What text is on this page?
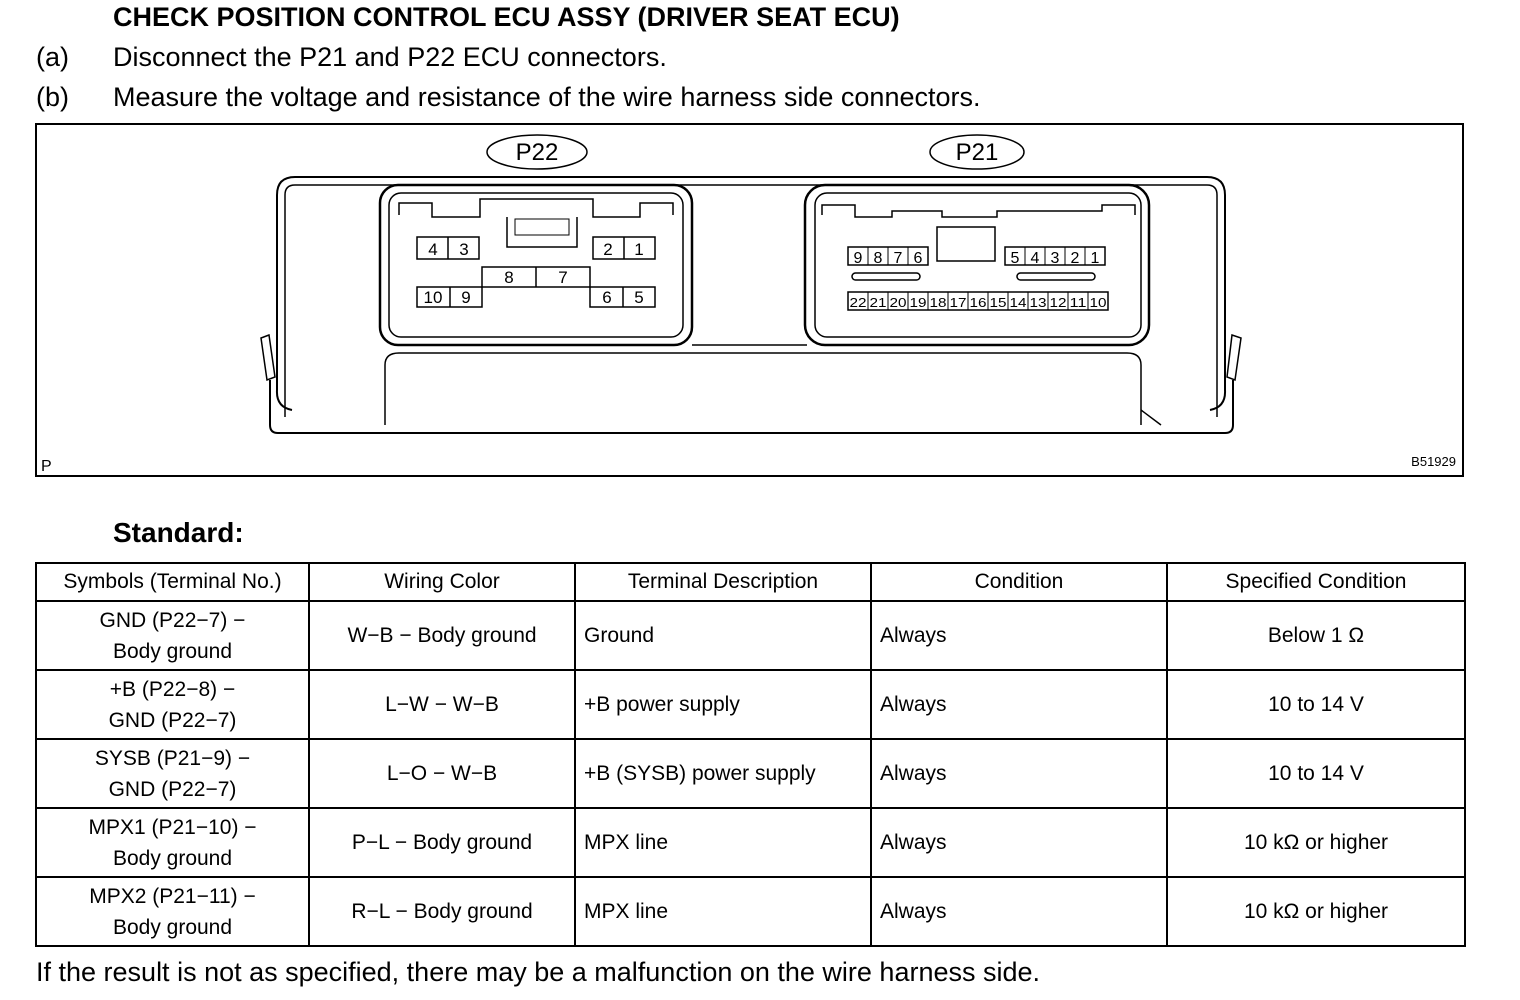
CHECK POSITION CONTROL ECU ASSY (DRIVER SEAT ECU)
(a) Disconnect the P21 and P22 ECU connectors.
(b) Measure the voltage and resistance of the wire harness side connectors.
P22	P21
4 3	2 1
8	7
10 9	6 5
9 8 7 6	5 4 3 2 1
22 21 20 19 18 17 16 15 14 13 12 11 10
P	B51929
Standard:
Symbols (Terminal No.)	Wiring Color	Terminal Description	Condition	Specified Condition
GND (P22−7) −
Body ground	W−B − Body ground	Ground	Always	Below 1 Ω
+B (P22−8) −
GND (P22−7)	L−W − W−B	+B power supply	Always	10 to 14 V
SYSB (P21−9) −
GND (P22−7)	L−O − W−B	+B (SYSB) power supply	Always	10 to 14 V
MPX1 (P21−10) −
Body ground	P−L − Body ground	MPX line	Always	10 kΩ or higher
MPX2 (P21−11) −
Body ground	R−L − Body ground	MPX line	Always	10 kΩ or higher
If the result is not as specified, there may be a malfunction on the wire harness side.
